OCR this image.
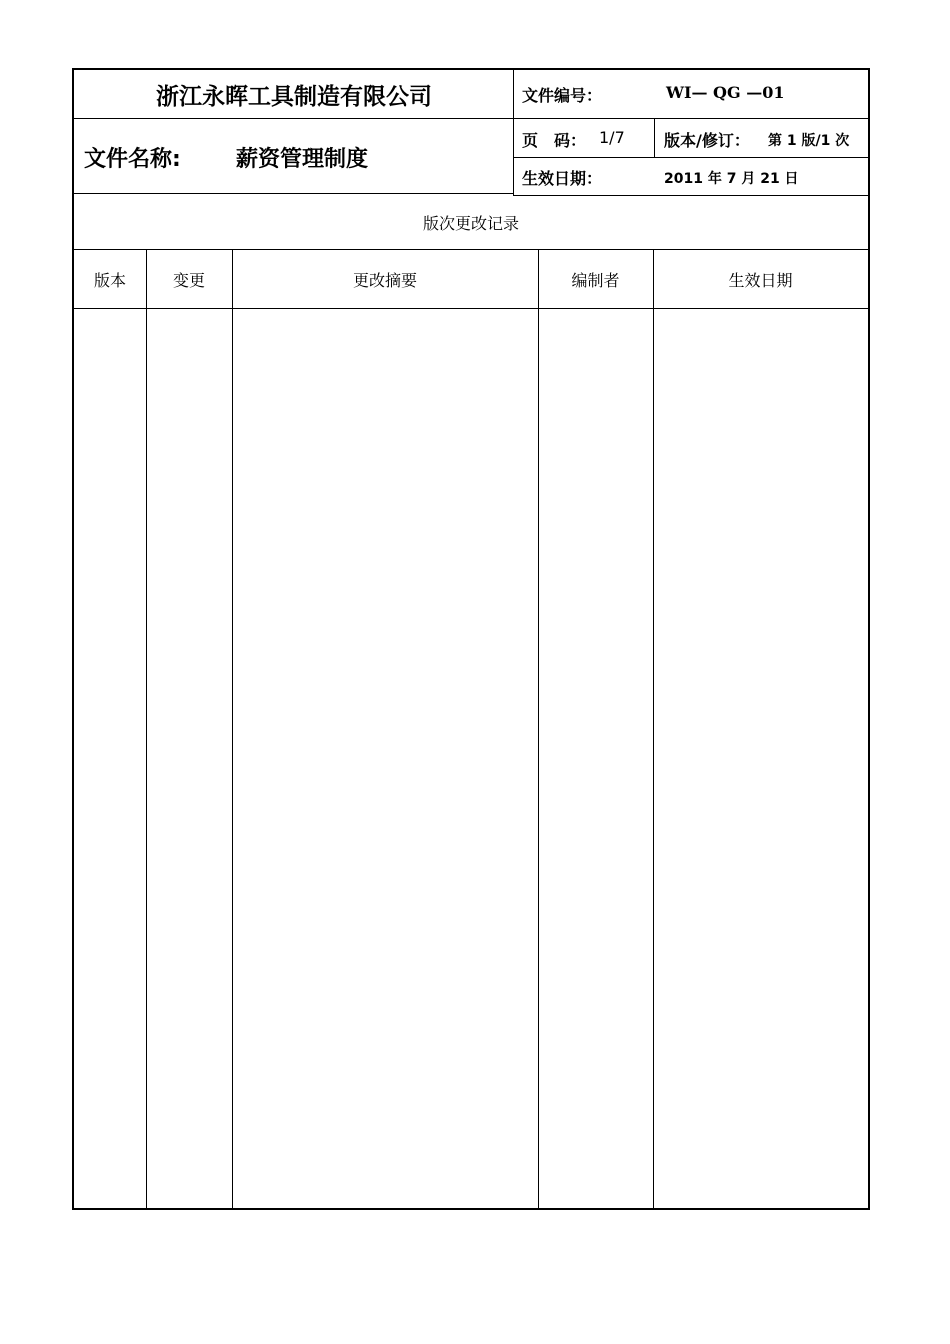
浙江永晖工具制造有限公司	文件编号：	WI— QG —01
文件名称:	薪资管理制度
页　码： 1/7 版本/修订： 第 1 版/1 次
生效日期：	2011 年 7 月 21 日
版次更改记录
版本	变更	更改摘要	编制者	生效日期
